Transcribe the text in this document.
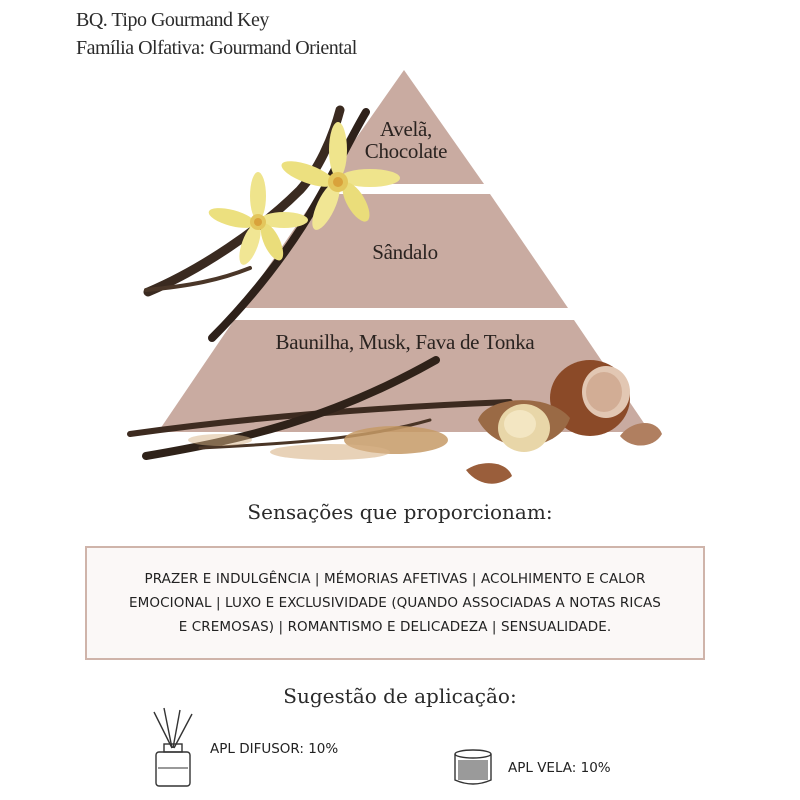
BQ. Tipo Gourmand Key
Família Olfativa: Gourmand Oriental
Avelã,
Chocolate
Sândalo
Baunilha, Musk, Fava de Tonka
Sensações que proporcionam:
PRAZER E INDULGÊNCIA | MÉMORIAS AFETIVAS | ACOLHIMENTO E CALOR
EMOCIONAL | LUXO E EXCLUSIVIDADE (QUANDO ASSOCIADAS A NOTAS RICAS
E CREMOSAS) | ROMANTISMO E DELICADEZA | SENSUALIDADE.
Sugestão de aplicação:
APL DIFUSOR: 10%
APL VELA: 10%
